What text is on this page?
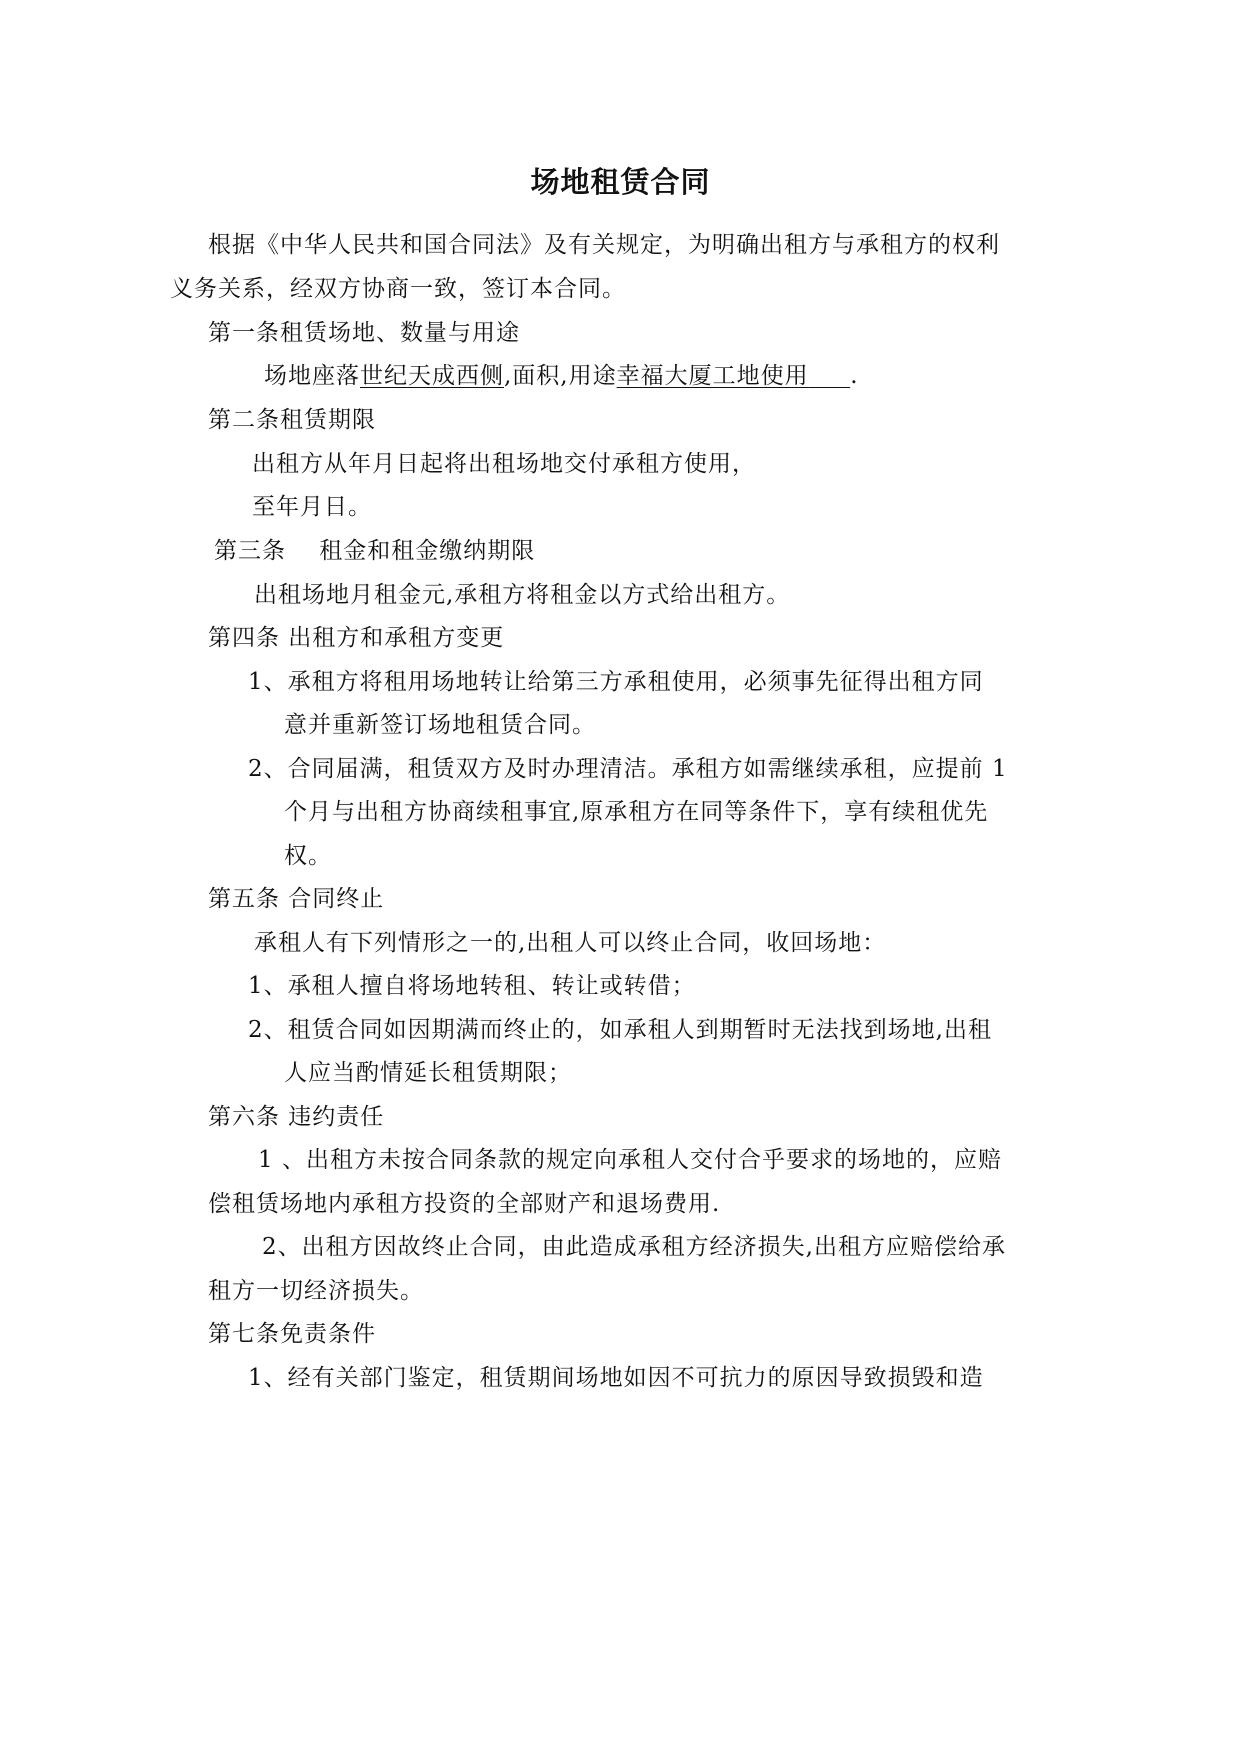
场地租赁合同
根据《中华人民共和国合同法》及有关规定，为明确出租方与承租方的权利
义务关系，经双方协商一致，签订本合同。
第一条租赁场地、数量与用途
场地座落世纪天成西侧,面积,用途幸福大厦工地使用 .
第二条租赁期限
出租方从年月日起将出租场地交付承租方使用，
至年月日。
第三条    租金和租金缴纳期限
出租场地月租金元,承租方将租金以方式给出租方。
第四条 出租方和承租方变更
1、承租方将租用场地转让给第三方承租使用，必须事先征得出租方同
意并重新签订场地租赁合同。
2、合同届满，租赁双方及时办理清洁。承租方如需继续承租，应提前 1
个月与出租方协商续租事宜,原承租方在同等条件下，享有续租优先
权。
第五条 合同终止
承租人有下列情形之一的,出租人可以终止合同，收回场地：
1、承租人擅自将场地转租、转让或转借；
2、租赁合同如因期满而终止的，如承租人到期暂时无法找到场地,出租
人应当酌情延长租赁期限；
第六条 违约责任
1 、出租方未按合同条款的规定向承租人交付合乎要求的场地的，应赔
偿租赁场地内承租方投资的全部财产和退场费用.
2、出租方因故终止合同，由此造成承租方经济损失,出租方应赔偿给承
租方一切经济损失。
第七条免责条件
1、经有关部门鉴定，租赁期间场地如因不可抗力的原因导致损毁和造
